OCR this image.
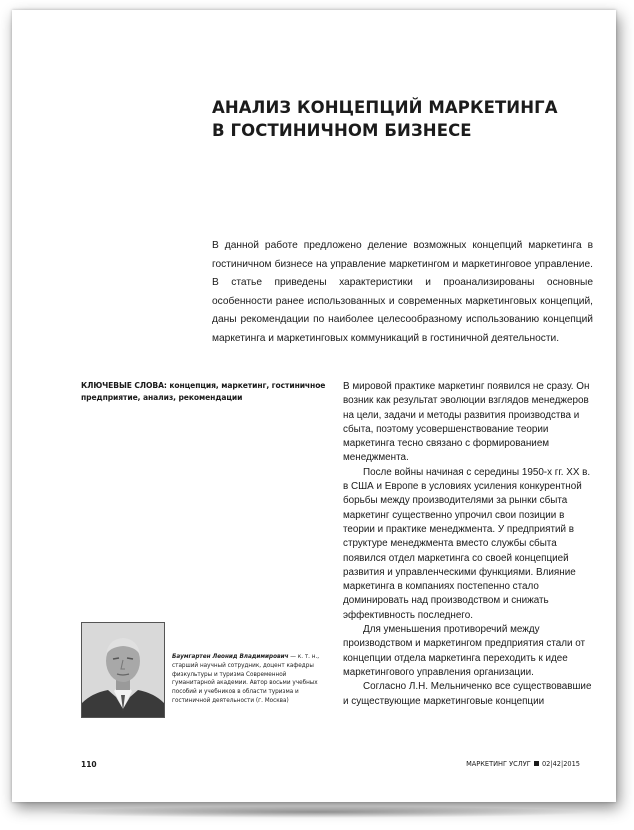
АНАЛИЗ КОНЦЕПЦИЙ МАРКЕТИНГА
В ГОСТИНИЧНОМ БИЗНЕСЕ

В данной работе предложено деление возможных концепций маркетинга в гостиничном бизнесе на управление маркетингом и маркетинговое управление. В статье приведены характеристики и проанализированы основные особенности ранее использованных и современных маркетинговых концепций, даны рекомендации по наиболее целесообразному использованию концепций маркетинга и маркетинговых коммуникаций в гостиничной деятельности.

КЛЮЧЕВЫЕ СЛОВА: концепция, маркетинг, гостиничное предприятие, анализ, рекомендации

Баумгартен Леонид Владимирович — к. т. н., старший научный сотрудник, доцент кафедры физкультуры и туризма Современной гуманитарной академии. Автор восьми учебных пособий и учебников в области туризма и гостиничной деятельности (г. Москва)

В мировой практике маркетинг появился не сразу. Он возник как результат эволюции взглядов менеджеров на цели, задачи и методы развития производства и сбыта, поэтому усовершенствование теории маркетинга тесно связано с формированием менеджмента.

После войны начиная с середины 1950-х гг. XX в. в США и Европе в условиях усиления конкурентной борьбы между производителями за рынки сбыта маркетинг существенно упрочил свои позиции в теории и практике менеджмента. У предприятий в структуре менеджмента вместо службы сбыта появился отдел маркетинга со своей концепцией развития и управленческими функциями. Влияние маркетинга в компаниях постепенно стало доминировать над производством и снижать эффективность последнего.

Для уменьшения противоречий между производством и маркетингом предприятия стали от концепции отдела маркетинга переходить к идее маркетингового управления организации.

Согласно Л.Н. Мельниченко все существовавшие и существующие маркетинговые концепции

110	МАРКЕТИНГ УСЛУГ 02|42|2015
